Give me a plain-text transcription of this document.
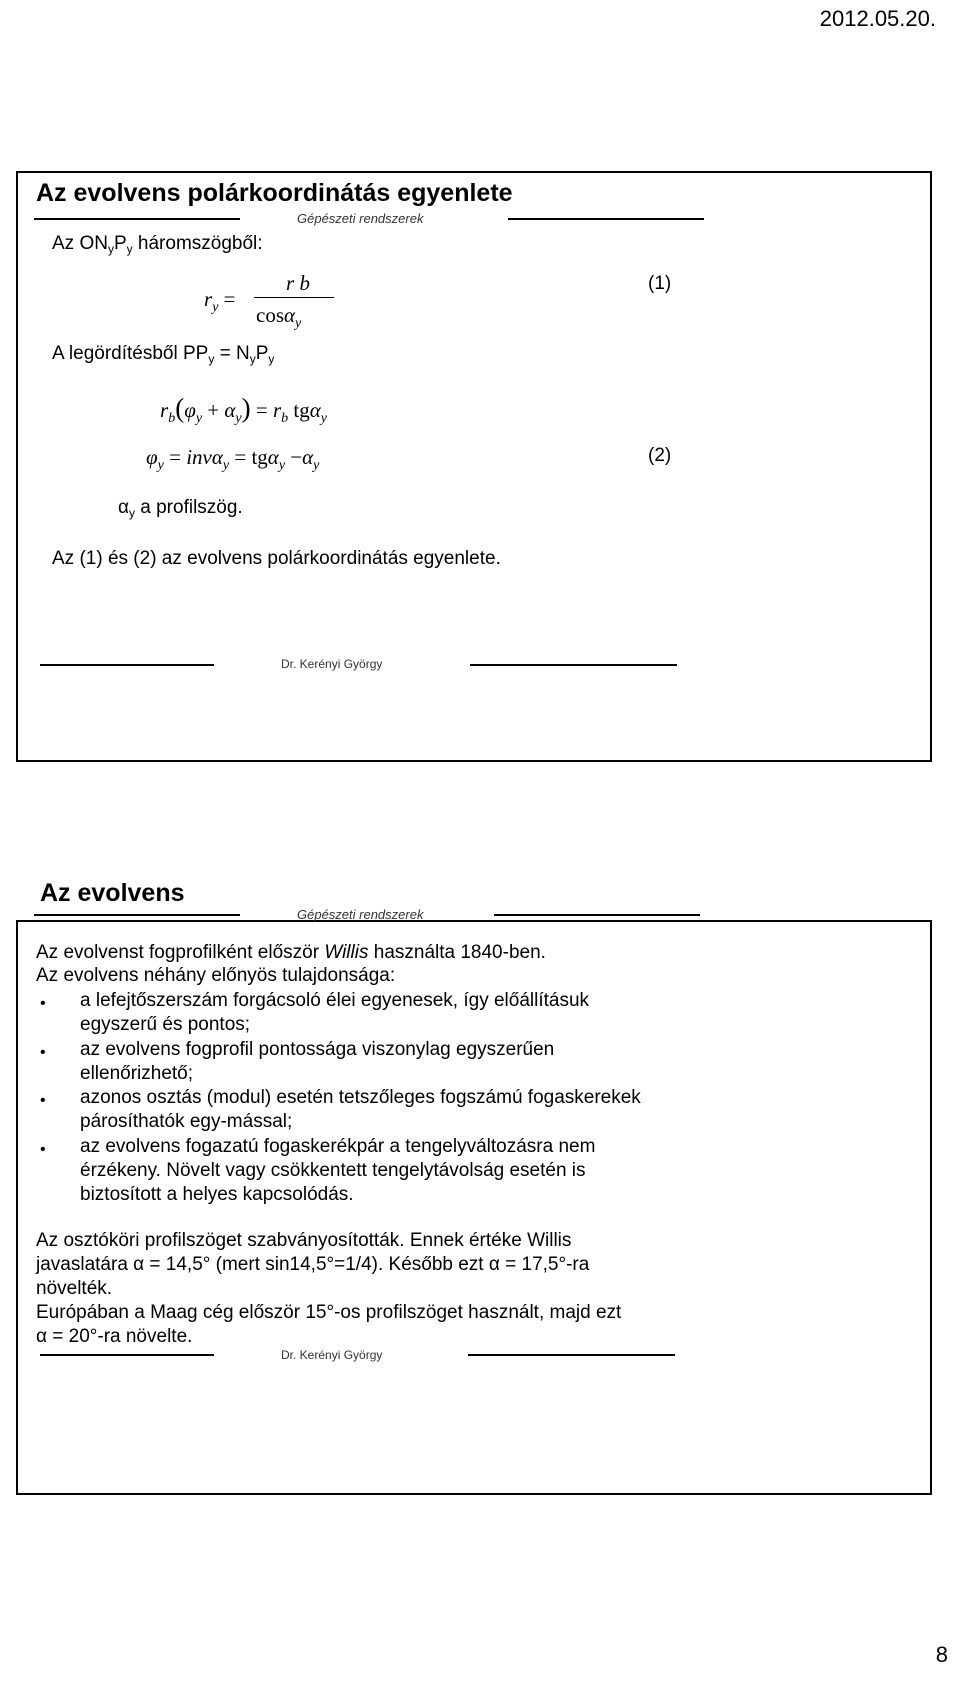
2012.05.20.
Az evolvens polárkoordinátás egyenlete
Gépészeti rendszerek
Az $ON_yP_y$ háromszögből:
$r_y$ =
r b
cosα$_y$
(1)
A legördítésből $PP_y = N_yP_y$
$r_b(\varphi_y + \alpha_y) = r_b$ tgα$_y$
$\varphi_y = inv\alpha_y = tg\alpha_y -\alpha_y$	(2)
$\alpha_y$ a profilszög.
Az (1) és (2) az evolvens polárkoordinátás egyenlete.
Dr. Kerényi György
Az evolvens
Gépészeti rendszerek
Az evolvenst fogprofilként először Willis használta 1840-ben.
Az evolvens néhány előnyös tulajdonsága:
• a lefejtőszerszám forgácsoló élei egyenesek, így előállításuk
egyszerű és pontos;
• az evolvens fogprofil pontossága viszonylag egyszerűen
ellenőrizhető;
• azonos osztás (modul) esetén tetszőleges fogszámú fogaskerekek
párosíthatók egy-mással;
• az evolvens fogazatú fogaskerékpár a tengelyváltozásra nem
érzékeny. Növelt vagy csökkentett tengelytávolság esetén is
biztosított a helyes kapcsolódás.
Az osztóköri profilszöget szabványosították. Ennek értéke Willis
javaslatára α = 14,5° (mert sin14,5°=1/4). Később ezt α = 17,5°-ra
növelték.
Európában a Maag cég először 15°-os profilszöget használt, majd ezt
α = 20°-ra növelte.
Dr. Kerényi György
8
